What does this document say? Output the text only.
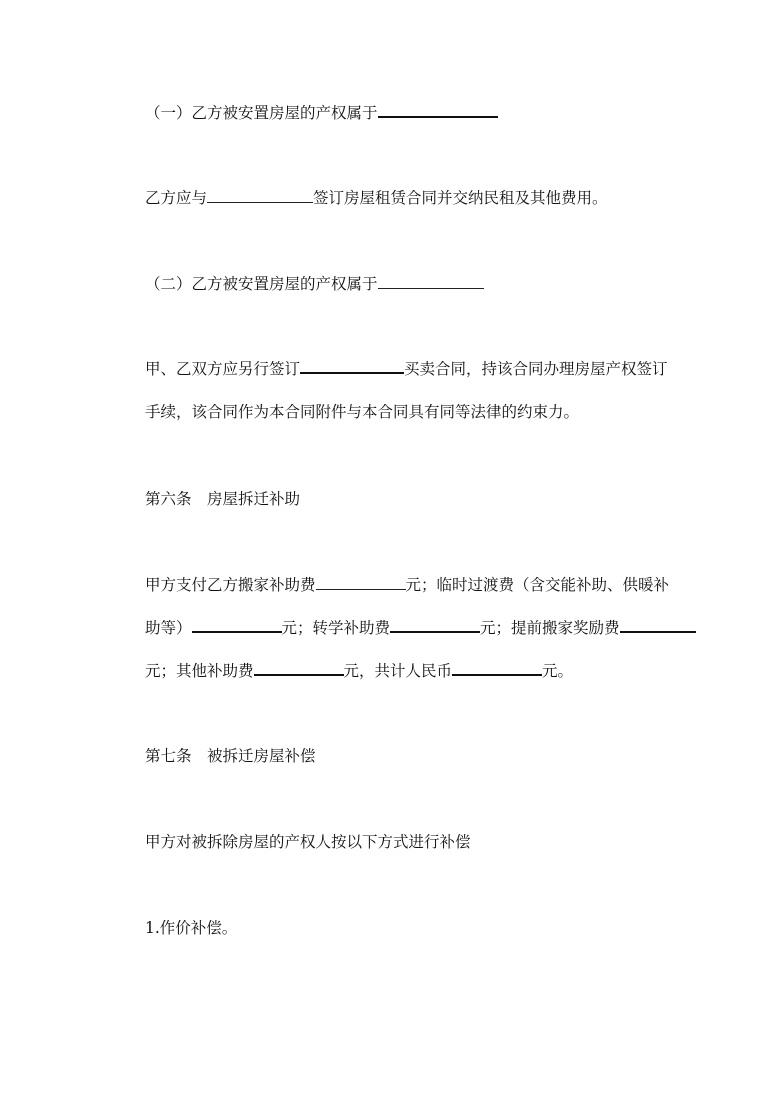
（一）乙方被安置房屋的产权属于
乙方应与	签订房屋租赁合同并交纳民租及其他费用。
（二）乙方被安置房屋的产权属于
甲、乙双方应另行签订	买卖合同，持该合同办理房屋产权签订
手续，该合同作为本合同附件与本合同具有同等法律的约束力。
第六条　房屋拆迁补助
甲方支付乙方搬家补助费	元；临时过渡费（含交能补助、供暖补
助等）	元；转学补助费	元；提前搬家奖励费
元；其他补助费	元，共计人民币	元。
第七条　被拆迁房屋补偿
甲方对被拆除房屋的产权人按以下方式进行补偿
1.作价补偿。
